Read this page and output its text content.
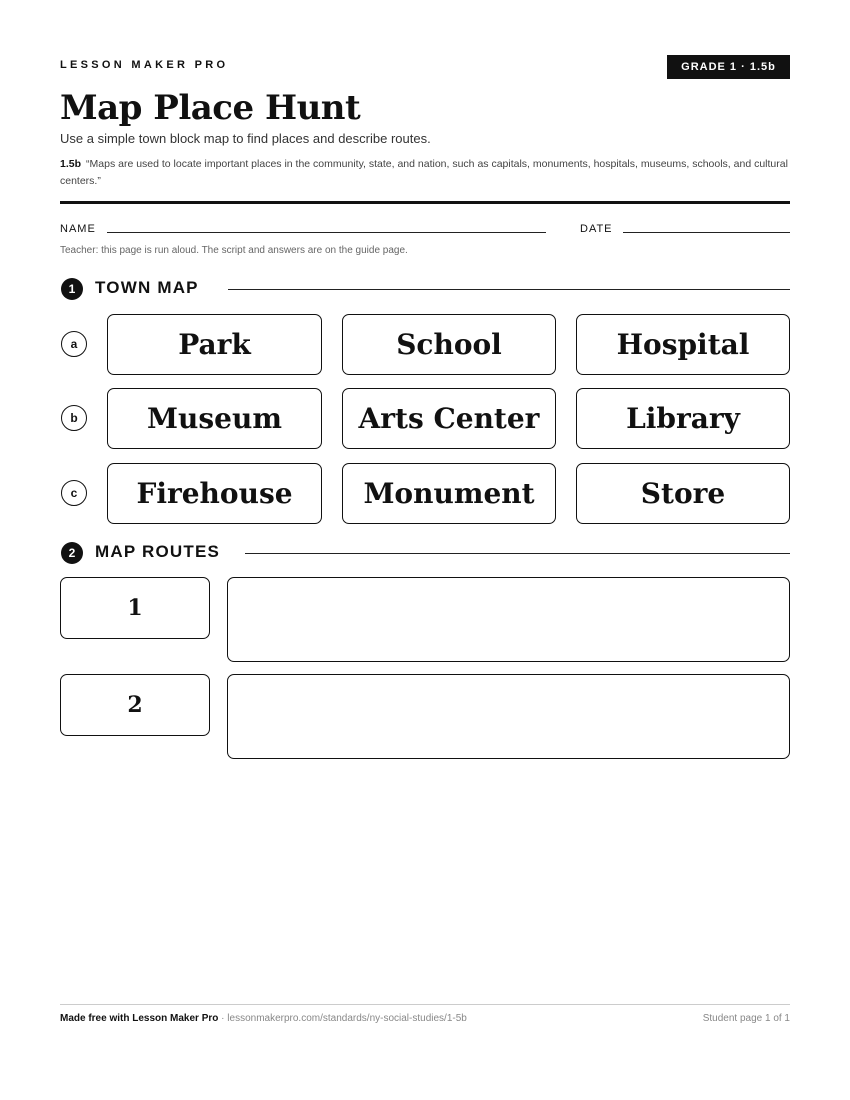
LESSON MAKER PRO	GRADE 1 · 1.5b
Map Place Hunt
Use a simple town block map to find places and describe routes.
1.5b “Maps are used to locate important places in the community, state, and nation, such as capitals, monuments, hospitals, museums, schools, and cultural centers.”
NAME	DATE
Teacher: this page is run aloud. The script and answers are on the guide page.
1	TOWN MAP
a	Park	School	Hospital
b	Museum	Arts Center	Library
c	Firehouse	Monument	Store
2	MAP ROUTES
1
2
Made free with Lesson Maker Pro · lessonmakerpro.com/standards/ny-social-studies/1-5b	Student page 1 of 1
